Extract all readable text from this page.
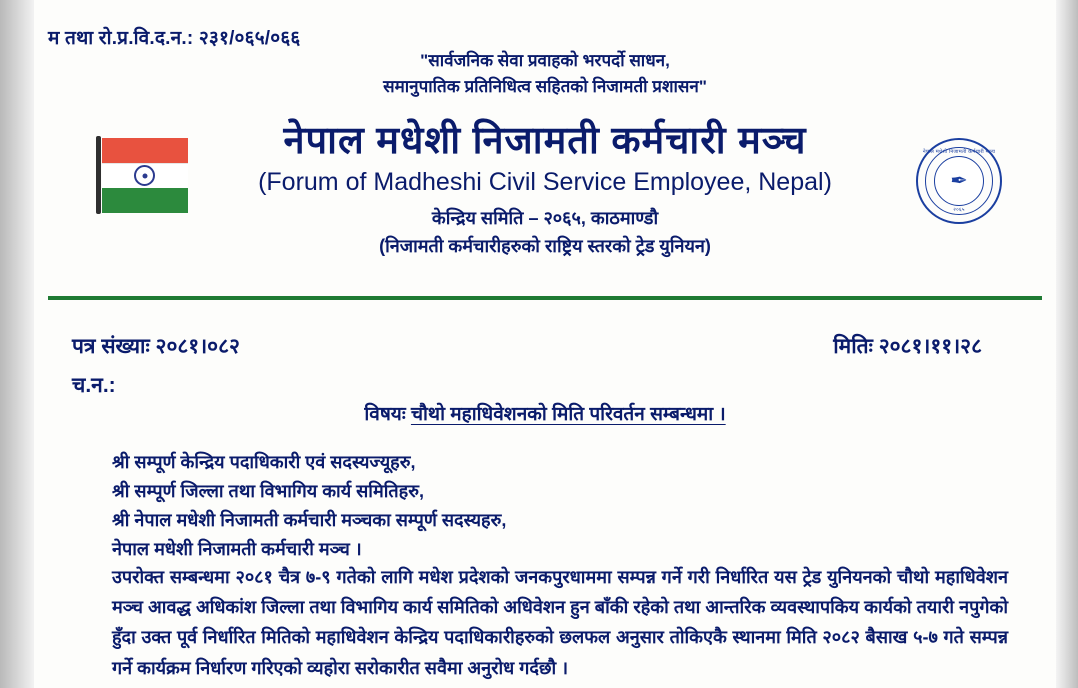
म तथा रो.प्र.वि.द.न.: २३१/०६५/०६६
"सार्वजनिक सेवा प्रवाहको भरपर्दो साधन,
समानुपातिक प्रतिनिधित्व सहितको निजामती प्रशासन"
नेपाल मधेशी निजामती कर्मचारी मञ्च
(Forum of Madheshi Civil Service Employee, Nepal)
केन्द्रिय समिति – २०६५, काठमाण्डौ
(निजामती कर्मचारीहरुको राष्ट्रिय स्तरको ट्रेड युनियन)
नेपाल मधेशी निजामती कर्मचारी मञ्च
✒
२०६५
पत्र संख्याः २०८१।०८२
च.न.:
मितिः २०८१।११।२८
विषयः चौथो महाधिवेशनको मिति परिवर्तन सम्बन्धमा ।
श्री सम्पूर्ण केन्द्रिय पदाधिकारी एवं सदस्यज्यूहरु,
श्री सम्पूर्ण जिल्ला तथा विभागिय कार्य समितिहरु,
श्री नेपाल मधेशी निजामती कर्मचारी मञ्चका सम्पूर्ण सदस्यहरु,
नेपाल मधेशी निजामती कर्मचारी मञ्च ।

उपरोक्त सम्बन्धमा २०८१ चैत्र ७-९ गतेको लागि मधेश प्रदेशको जनकपुरधाममा सम्पन्न गर्ने गरी निर्धारित यस ट्रेड युनियनको चौथो महाधिवेशन मञ्च आवद्ध अधिकांश जिल्ला तथा विभागिय कार्य समितिको अधिवेशन हुन बाँकी रहेको तथा आन्तरिक व्यवस्थापकिय कार्यको तयारी नपुगेको हुँदा उक्त पूर्व निर्धारित मितिको महाधिवेशन केन्द्रिय पदाधिकारीहरुको छलफल अनुसार तोकिएकै स्थानमा मिति २०८२ बैसाख ५-७ गते सम्पन्न गर्ने कार्यक्रम निर्धारण गरिएको व्यहोरा सरोकारीत सवैमा अनुरोध गर्दछौ ।
